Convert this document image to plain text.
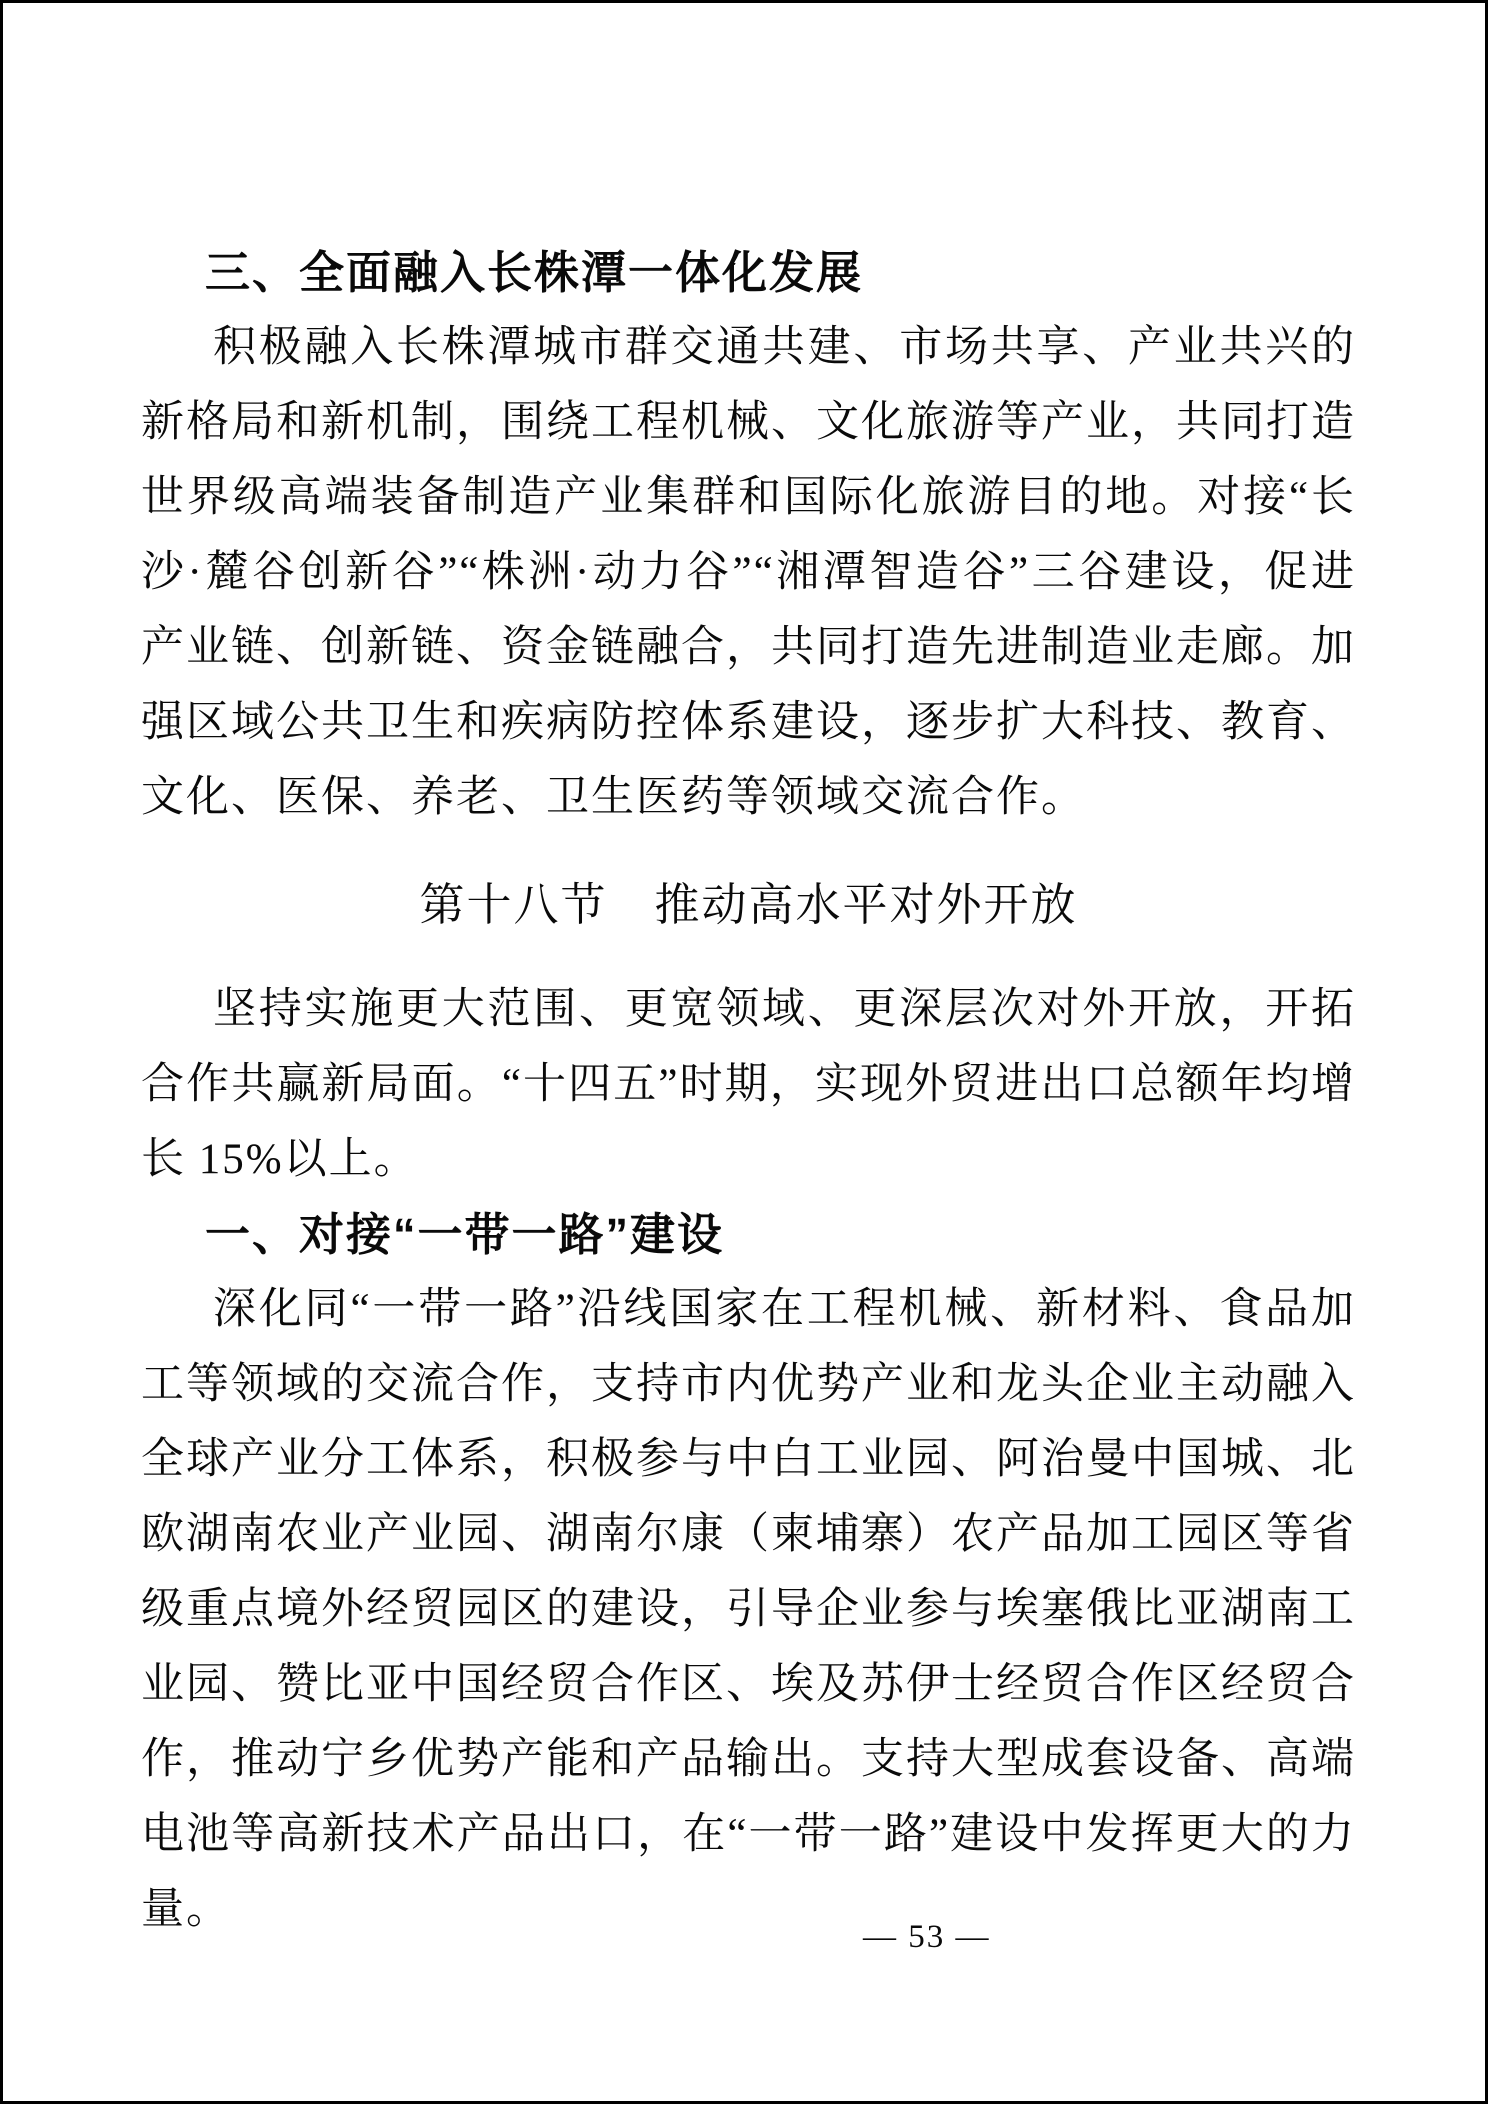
三、全面融入长株潭一体化发展

积极融入长株潭城市群交通共建、市场共享、产业共兴的新格局和新机制，围绕工程机械、文化旅游等产业，共同打造世界级高端装备制造产业集群和国际化旅游目的地。对接“长沙·麓谷创新谷”“株洲·动力谷”“湘潭智造谷”三谷建设，促进产业链、创新链、资金链融合，共同打造先进制造业走廊。加强区域公共卫生和疾病防控体系建设，逐步扩大科技、教育、文化、医保、养老、卫生医药等领域交流合作。

第十八节　推动高水平对外开放

坚持实施更大范围、更宽领域、更深层次对外开放，开拓合作共赢新局面。“十四五”时期，实现外贸进出口总额年均增长 15%以上。

一、对接“一带一路”建设

深化同“一带一路”沿线国家在工程机械、新材料、食品加工等领域的交流合作，支持市内优势产业和龙头企业主动融入全球产业分工体系，积极参与中白工业园、阿治曼中国城、北欧湖南农业产业园、湖南尔康（柬埔寨）农产品加工园区等省级重点境外经贸园区的建设，引导企业参与埃塞俄比亚湖南工业园、赞比亚中国经贸合作区、埃及苏伊士经贸合作区经贸合作，推动宁乡优势产能和产品输出。支持大型成套设备、高端电池等高新技术产品出口，在“一带一路”建设中发挥更大的力量。

— 53 —
